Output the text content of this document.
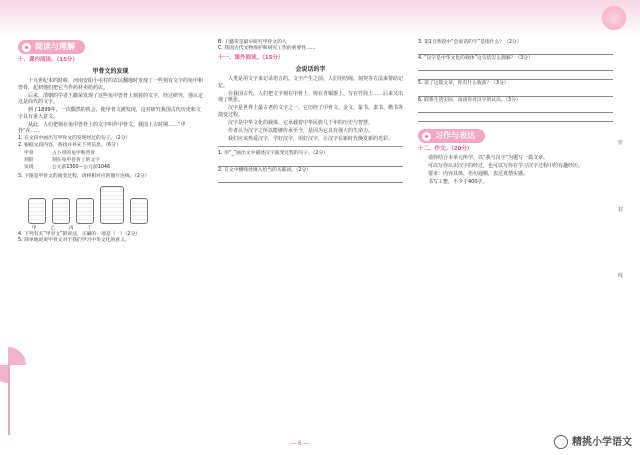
阅读与理解
十、课内阅读。（15分）
甲骨文的发现

十九世纪末的时候，河南安阳小屯村的农民翻地时发现了一些刻有文字的龟甲和兽骨，起初他们把它当作药材卖给药店。

后来，清朝的学者王懿荣发现了这些龟甲兽骨上刻着的文字，经过研究，他认定这是商代的文字。

到了1899年，一次偶然的机会，使甲骨文被发现，这对研究我国古代历史和文字具有重大意义。

从此，人们把刻在龟甲兽骨上的文字叫作甲骨文。我国上古时期……“甲骨”在……

1. 在文段中画出写甲骨文的发现经过的句子。（2分）
2. 根据文段内容，查找并补充下列信息。（6分）
甲骨	占卜用的龟甲和兽骨
刻辞	刻在龟甲兽骨上的文字
发现	公元前1300—公元前1046
3. 下图是甲骨文的演变过程，请将相对应的图片连线。（2分）
甲	乙	丙	丁
4. 下列有关“甲骨文”的说法，正确的一项是（　）（2分）
5. 简单地说说甲骨文对于我们学习中华文化的意义。
B. 王懿荣是最早研究甲骨文的人
C. 我国古代文物保护和研究工作的重要性……
十一、课外阅读。（15分）
会说话的字

人类是用文字来记录语言的。文字产生之前，人们用结绳、刻契等方法来帮助记忆。

在我国古代，人们把文字刻在甲骨上、铸在青铜器上、写在竹简上……后来又出现了纸张。

汉字是世界上最古老的文字之一，它历经了甲骨文、金文、篆书、隶书、楷书等演变过程。

汉字是中华文化的载体，它承载着中华民族几千年的历史与智慧。

作者认为汉字之所以能够传承至今，是因为它具有强大的生命力。

我们应该热爱汉字，学好汉字，用好汉字，让汉字在新时代焕发新的光彩。

1. 用“_”画出文中描述汉字演变过程的句子。（2分）
2. 在文中横线处填入恰当的关联词。（2分）
3. 第1自然段中“会说话的字”是指什么？（2分）
4. “汉字是中华文化的载体”这句话怎么理解？（3分）
5. 读了这篇文章，你有什么收获？（3分）
6. 联系生活实际，谈谈你对汉字的认识。（3分）
习作与表达
十二、作文。（20分）

请你结合本单元所学，以“我与汉字”为题写一篇文章。

可以写你认识汉字的经过，也可以写你在学习汉字过程中的有趣经历。

要求：内容具体，语句通顺，表达真情实感。

书写工整，不少于400字。

密
封
线
— 6 —	精挑小学语文
